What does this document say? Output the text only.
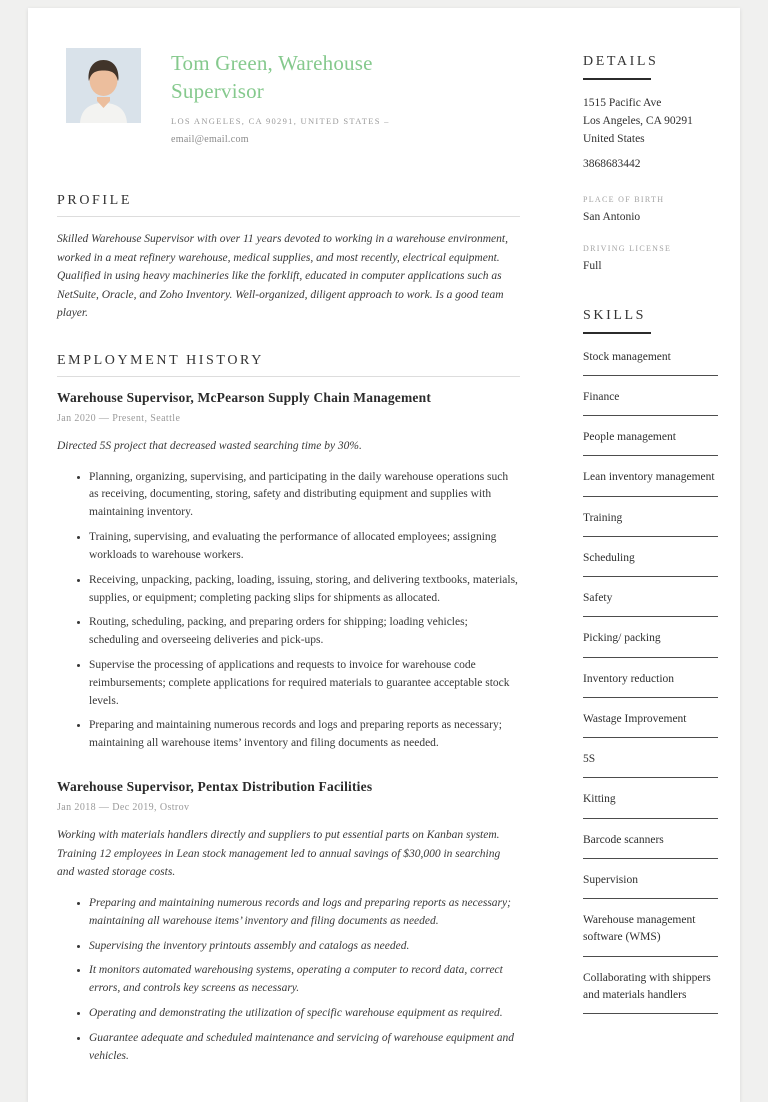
Tom Green, Warehouse Supervisor
LOS ANGELES, CA 90291, UNITED STATES –
email@email.com
PROFILE

Skilled Warehouse Supervisor with over 11 years devoted to working in a warehouse environment, worked in a meat refinery warehouse, medical supplies, and most recently, electrical equipment. Qualified in using heavy machineries like the forklift, educated in computer applications such as NetSuite, Oracle, and Zoho Inventory. Well-organized, diligent approach to work. Is a good team player.

EMPLOYMENT HISTORY
Warehouse Supervisor, McPearson Supply Chain Management
Jan 2020 — Present, Seattle

Directed 5S project that decreased wasted searching time by 30%.

• Planning, organizing, supervising, and participating in the daily warehouse operations such as receiving, documenting, storing, safety and distributing equipment and supplies with maintaining inventory.
• Training, supervising, and evaluating the performance of allocated employees; assigning workloads to warehouse workers.
• Receiving, unpacking, packing, loading, issuing, storing, and delivering textbooks, materials, supplies, or equipment; completing packing slips for shipments as allocated.
• Routing, scheduling, packing, and preparing orders for shipping; loading vehicles; scheduling and overseeing deliveries and pick-ups.
• Supervise the processing of applications and requests to invoice for warehouse code reimbursements; complete applications for required materials to guarantee acceptable stock levels.
• Preparing and maintaining numerous records and logs and preparing reports as necessary; maintaining all warehouse items’ inventory and filing documents as needed.
Warehouse Supervisor, Pentax Distribution Facilities
Jan 2018 — Dec 2019, Ostrov

Working with materials handlers directly and suppliers to put essential parts on Kanban system. Training 12 employees in Lean stock management led to annual savings of $30,000 in searching and wasted storage costs.

• Preparing and maintaining numerous records and logs and preparing reports as necessary; maintaining all warehouse items’ inventory and filing documents as needed.
• Supervising the inventory printouts assembly and catalogs as needed.
• It monitors automated warehousing systems, operating a computer to record data, correct errors, and controls key screens as necessary.
• Operating and demonstrating the utilization of specific warehouse equipment as required.
• Guarantee adequate and scheduled maintenance and servicing of warehouse equipment and vehicles.
DETAILS
1515 Pacific Ave
Los Angeles, CA 90291
United States
3868683442
PLACE OF BIRTH
San Antonio
DRIVING LICENSE
Full
SKILLS
Stock management
Finance
People management
Lean inventory management
Training
Scheduling
Safety
Picking/ packing
Inventory reduction
Wastage Improvement
5S
Kitting
Barcode scanners
Supervision
Warehouse management software (WMS)
Collaborating with shippers and materials handlers
